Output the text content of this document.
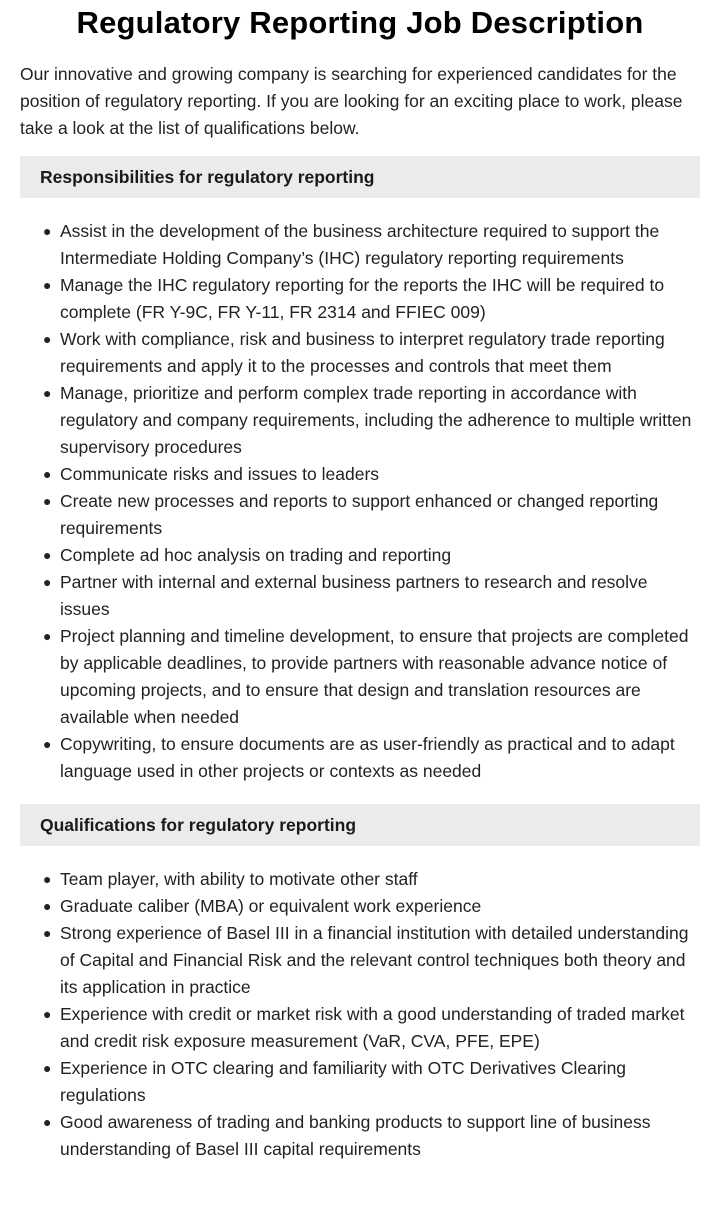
Regulatory Reporting Job Description

Our innovative and growing company is searching for experienced candidates for the position of regulatory reporting. If you are looking for an exciting place to work, please take a look at the list of qualifications below.

Responsibilities for regulatory reporting
● Assist in the development of the business architecture required to support the Intermediate Holding Company’s (IHC) regulatory reporting requirements
● Manage the IHC regulatory reporting for the reports the IHC will be required to complete (FR Y-9C, FR Y-11, FR 2314 and FFIEC 009)
● Work with compliance, risk and business to interpret regulatory trade reporting requirements and apply it to the processes and controls that meet them
● Manage, prioritize and perform complex trade reporting in accordance with regulatory and company requirements, including the adherence to multiple written supervisory procedures
● Communicate risks and issues to leaders
● Create new processes and reports to support enhanced or changed reporting requirements
● Complete ad hoc analysis on trading and reporting
● Partner with internal and external business partners to research and resolve issues
● Project planning and timeline development, to ensure that projects are completed by applicable deadlines, to provide partners with reasonable advance notice of upcoming projects, and to ensure that design and translation resources are available when needed
● Copywriting, to ensure documents are as user-friendly as practical and to adapt language used in other projects or contexts as needed
Qualifications for regulatory reporting
● Team player, with ability to motivate other staff
● Graduate caliber (MBA) or equivalent work experience
● Strong experience of Basel III in a financial institution with detailed understanding of Capital and Financial Risk and the relevant control techniques both theory and its application in practice
● Experience with credit or market risk with a good understanding of traded market and credit risk exposure measurement (VaR, CVA, PFE, EPE)
● Experience in OTC clearing and familiarity with OTC Derivatives Clearing regulations
● Good awareness of trading and banking products to support line of business understanding of Basel III capital requirements
